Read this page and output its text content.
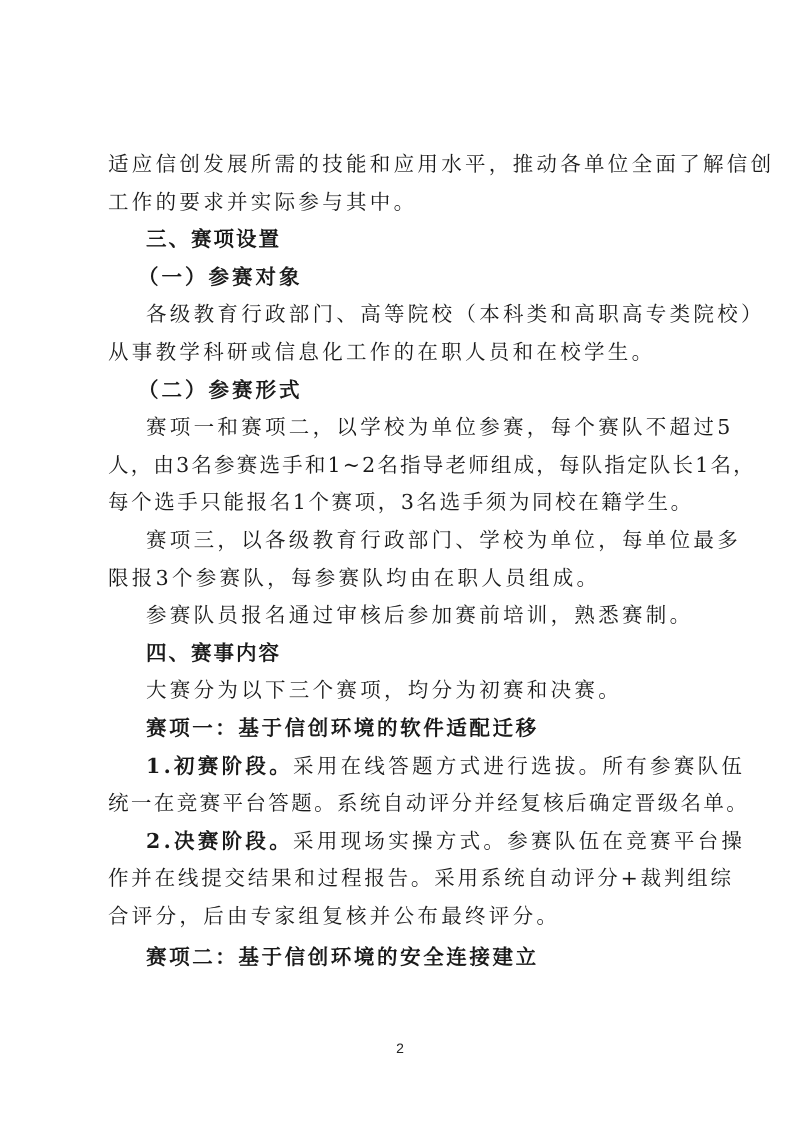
适应信创发展所需的技能和应用水平，推动各单位全面了解信创
工作的要求并实际参与其中。
三、赛项设置
（一）参赛对象
各级教育行政部门、高等院校（本科类和高职高专类院校）
从事教学科研或信息化工作的在职人员和在校学生。
（二）参赛形式
赛项一和赛项二，以学校为单位参赛，每个赛队不超过5
人，由3名参赛选手和1~2名指导老师组成，每队指定队长1名，
每个选手只能报名1个赛项，3名选手须为同校在籍学生。
赛项三，以各级教育行政部门、学校为单位，每单位最多
限报3个参赛队，每参赛队均由在职人员组成。
参赛队员报名通过审核后参加赛前培训，熟悉赛制。
四、赛事内容
大赛分为以下三个赛项，均分为初赛和决赛。
赛项一：基于信创环境的软件适配迁移
1.初赛阶段。采用在线答题方式进行选拔。所有参赛队伍
统一在竞赛平台答题。系统自动评分并经复核后确定晋级名单。
2.决赛阶段。采用现场实操方式。参赛队伍在竞赛平台操
作并在线提交结果和过程报告。采用系统自动评分+裁判组综
合评分，后由专家组复核并公布最终评分。
赛项二：基于信创环境的安全连接建立
2
